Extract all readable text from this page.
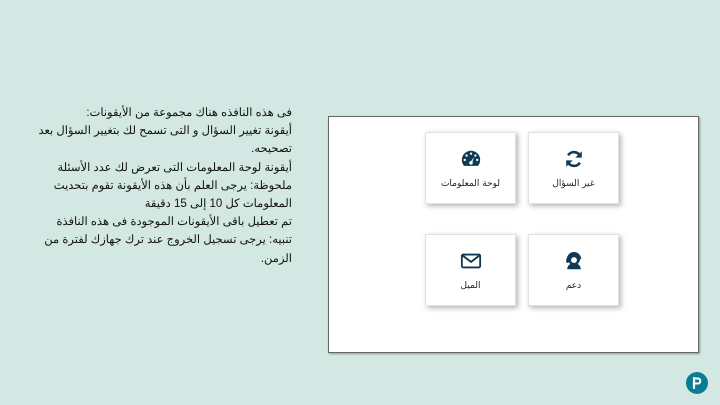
فى هذه النافذه هناك مجموعة من الأيقونات:

أيقونة تغيير السؤال و التى تسمح لك بتغيير السؤال بعد تصحيحه.

أيقونة لوحة المعلومات التى تعرض لك عدد الأسئلة

ملحوظة: يرجى العلم بأن هذه الأيقونة تقوم بتحديث المعلومات كل 10 إلى 15 دقيقة

تم تعطيل باقى الأيقونات الموجودة فى هذه النافذة

تنبيه: يرجى تسجيل الخروج عند ترك جهازك لفترة من الزمن.

لوحة المعلومات	غير السؤال
الميل	دعم
